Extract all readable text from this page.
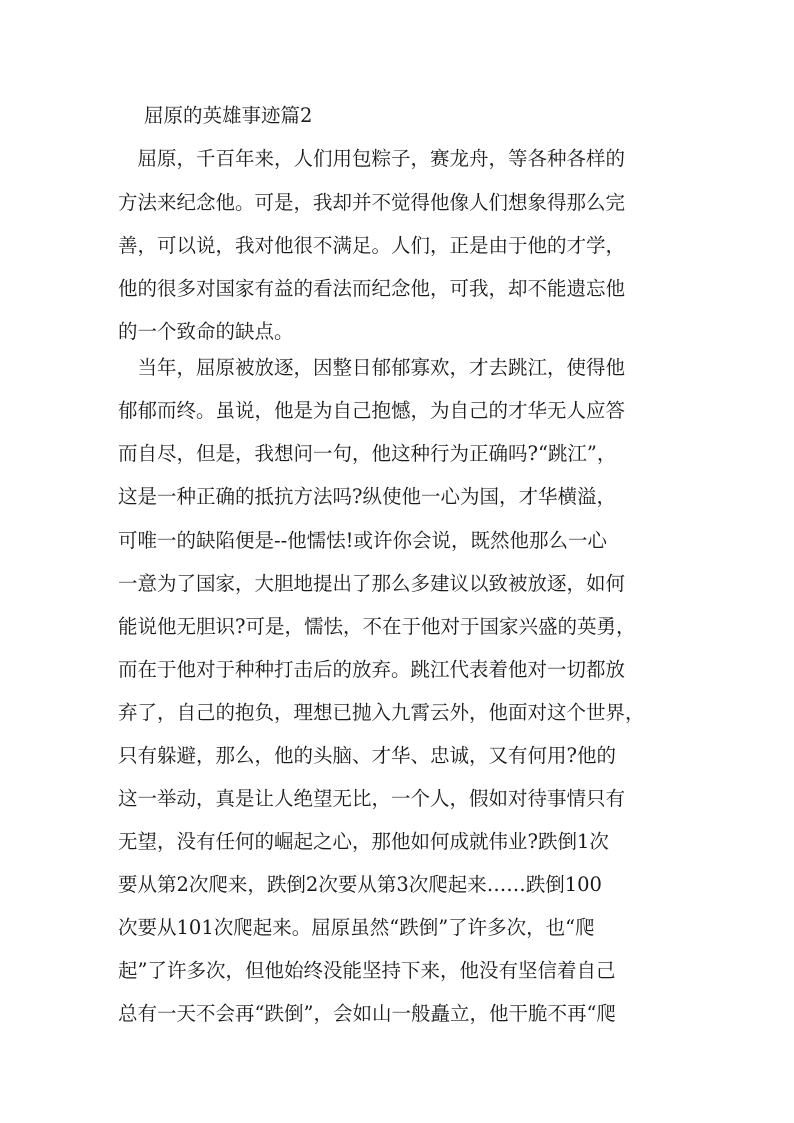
屈原的英雄事迹篇2
　屈原，千百年来，人们用包粽子，赛龙舟，等各种各样的
方法来纪念他。可是，我却并不觉得他像人们想象得那么完
善，可以说，我对他很不满足。人们，正是由于他的才学，
他的很多对国家有益的看法而纪念他，可我，却不能遗忘他
的一个致命的缺点。
　当年，屈原被放逐，因整日郁郁寡欢，才去跳江，使得他
郁郁而终。虽说，他是为自己抱憾，为自己的才华无人应答
而自尽，但是，我想问一句，他这种行为正确吗?“跳江”，
这是一种正确的抵抗方法吗?纵使他一心为国，才华横溢，
可唯一的缺陷便是--他懦怯!或许你会说，既然他那么一心
一意为了国家，大胆地提出了那么多建议以致被放逐，如何
能说他无胆识?可是，懦怯，不在于他对于国家兴盛的英勇，
而在于他对于种种打击后的放弃。跳江代表着他对一切都放
弃了，自己的抱负，理想已抛入九霄云外，他面对这个世界，
只有躲避，那么，他的头脑、才华、忠诚，又有何用?他的
这一举动，真是让人绝望无比，一个人，假如对待事情只有
无望，没有任何的崛起之心，那他如何成就伟业?跌倒1次
要从第2次爬来，跌倒2次要从第3次爬起来……跌倒100
次要从101次爬起来。屈原虽然“跌倒”了许多次，也“爬
起”了许多次，但他始终没能坚持下来，他没有坚信着自己
总有一天不会再“跌倒”，会如山一般矗立，他干脆不再“爬
